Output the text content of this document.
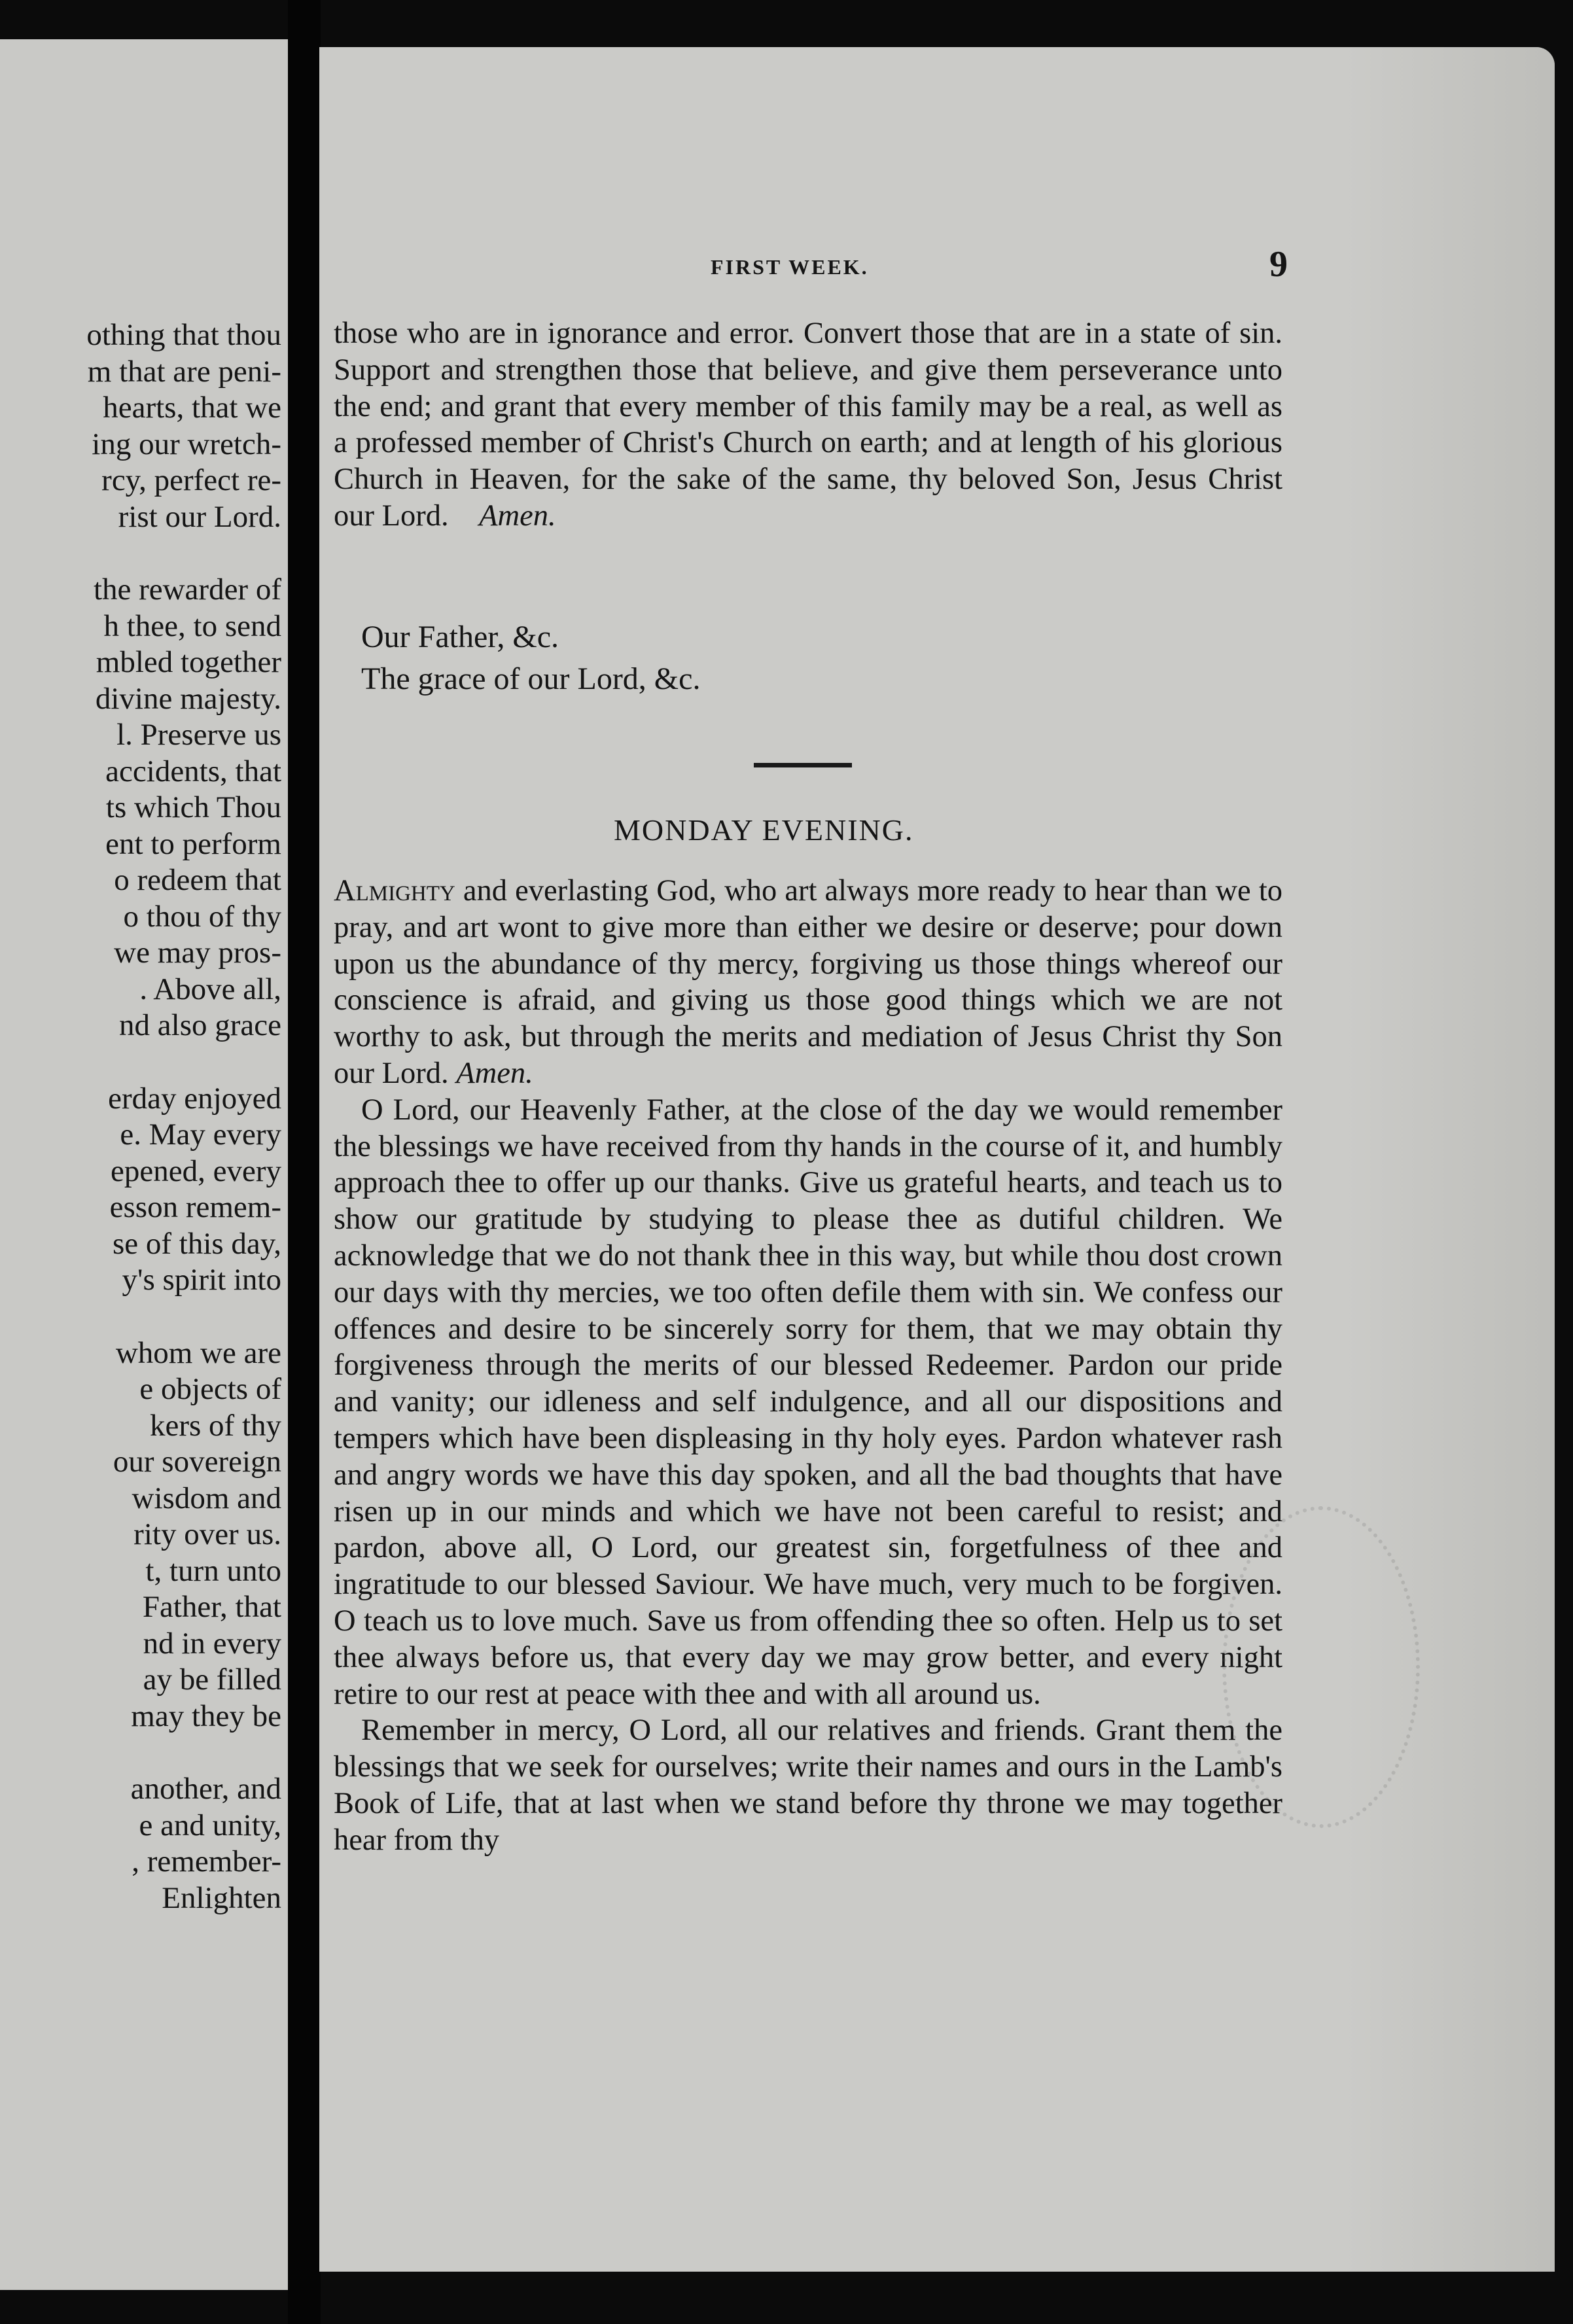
othing that thou
m that are peni-
hearts, that we
ing our wretch-
rcy, perfect re-
rist our Lord.
the rewarder of
h thee, to send
mbled together
divine majesty.
l. Preserve us
accidents, that
ts which Thou
ent to perform
o redeem that
o thou of thy
we may pros-
. Above all,
nd also grace
erday enjoyed
e. May every
epened, every
esson remem-
se of this day,
y's spirit into
whom we are
e objects of
kers of thy
our sovereign
wisdom and
rity over us.
t, turn unto
Father, that
nd in every
ay be filled
may they be
another, and
e and unity,
, remember-
Enlighten
FIRST WEEK.	9

those who are in ignorance and error. Convert those that are in a state of sin. Support and strengthen those that believe, and give them perseverance unto the end; and grant that every member of this family may be a real, as well as a professed member of Christ's Church on earth; and at length of his glorious Church in Heaven, for the sake of the same, thy beloved Son, Jesus Christ our Lord. Amen.

Our Father, &c.
The grace of our Lord, &c.
MONDAY EVENING.

Almighty and everlasting God, who art always more ready to hear than we to pray, and art wont to give more than either we desire or deserve; pour down upon us the abundance of thy mercy, forgiving us those things whereof our conscience is afraid, and giving us those good things which we are not worthy to ask, but through the merits and mediation of Jesus Christ thy Son our Lord. Amen.

O Lord, our Heavenly Father, at the close of the day we would remember the blessings we have received from thy hands in the course of it, and humbly approach thee to offer up our thanks. Give us grateful hearts, and teach us to show our gratitude by studying to please thee as dutiful children. We acknowledge that we do not thank thee in this way, but while thou dost crown our days with thy mercies, we too often defile them with sin. We confess our offences and desire to be sincerely sorry for them, that we may obtain thy forgiveness through the merits of our blessed Redeemer. Pardon our pride and vanity; our idleness and self indulgence, and all our dispositions and tempers which have been displeasing in thy holy eyes. Pardon whatever rash and angry words we have this day spoken, and all the bad thoughts that have risen up in our minds and which we have not been careful to resist; and pardon, above all, O Lord, our greatest sin, forgetfulness of thee and ingratitude to our blessed Saviour. We have much, very much to be forgiven. O teach us to love much. Save us from offending thee so often. Help us to set thee always before us, that every day we may grow better, and every night retire to our rest at peace with thee and with all around us.

Remember in mercy, O Lord, all our relatives and friends. Grant them the blessings that we seek for ourselves; write their names and ours in the Lamb's Book of Life, that at last when we stand before thy throne we may together hear from thy
